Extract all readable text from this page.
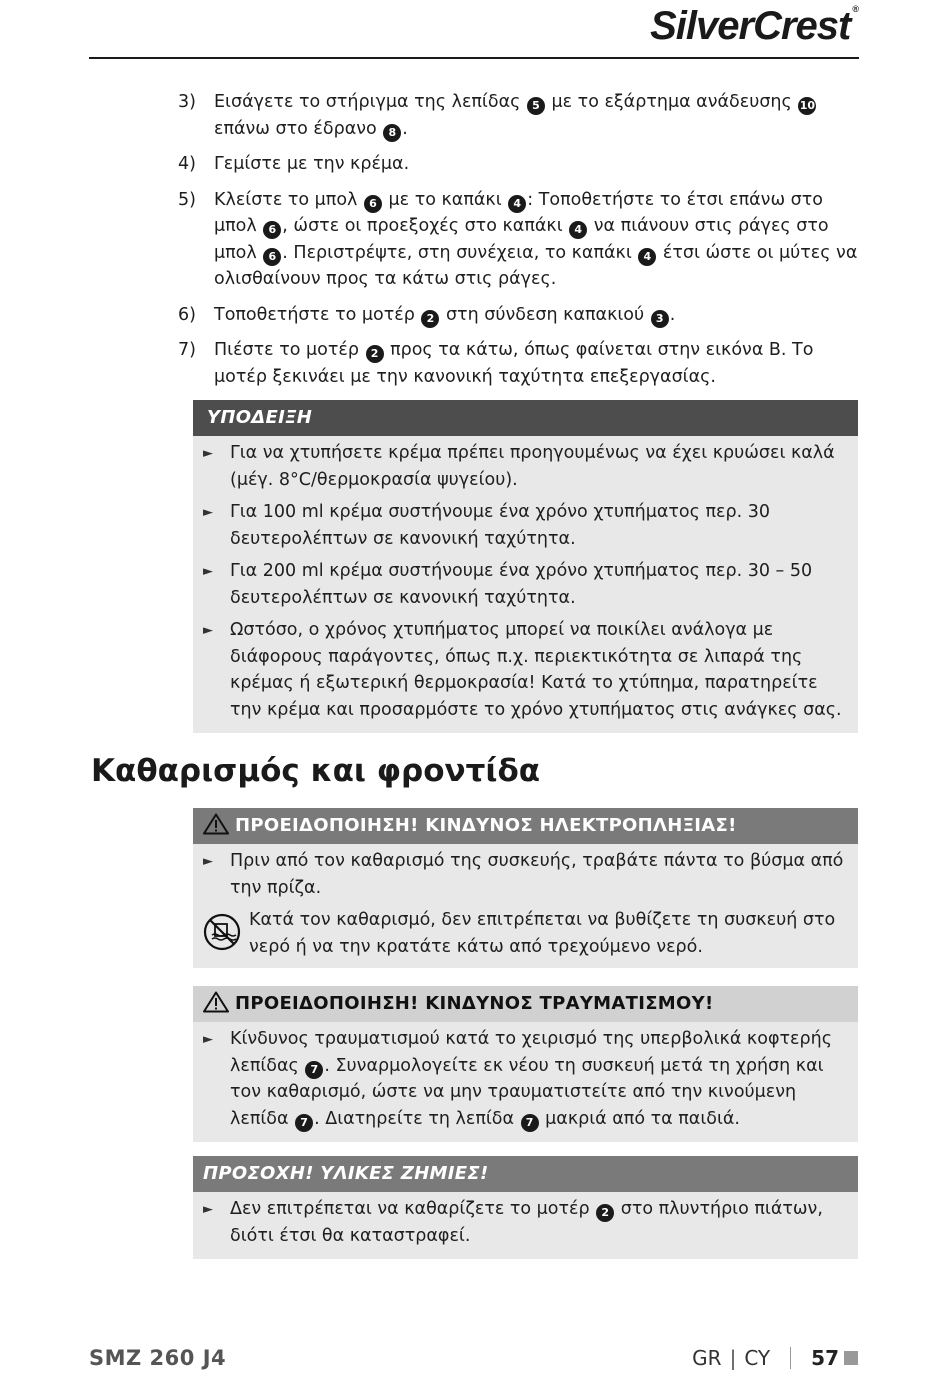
SilverCrest ®
3)	Εισάγετε το στήριγμα της λεπίδας 5 με το εξάρτημα ανάδευσης 10 επάνω στο έδρανο 8 .
4)	Γεμίστε με την κρέμα.
5)	Κλείστε το μπολ 6 με το καπάκι 4 : Τοποθετήστε το έτσι επάνω στο μπολ 6 , ώστε οι προεξοχές στο καπάκι 4 να πιάνουν στις ράγες στο μπολ 6 . Περιστρέψτε, στη συνέχεια, το καπάκι 4 έτσι ώστε οι μύτες να ολισθαίνουν προς τα κάτω στις ράγες.
6)	Τοποθετήστε το μοτέρ 2 στη σύνδεση καπακιού 3 .
7)	Πιέστε το μοτέρ 2 προς τα κάτω, όπως φαίνεται στην εικόνα B. Το μοτέρ ξεκινάει με την κανονική ταχύτητα επεξεργασίας.
ΥΠΟΔΕΙΞΗ
► Για να χτυπήσετε κρέμα πρέπει προηγουμένως να έχει κρυώσει καλά (μέγ. 8°C/θερμοκρασία ψυγείου).
► Για 100 ml κρέμα συστήνουμε ένα χρόνο χτυπήματος περ. 30 δευτερολέπτων σε κανονική ταχύτητα.
► Για 200 ml κρέμα συστήνουμε ένα χρόνο χτυπήματος περ. 30 – 50 δευτερολέπτων σε κανονική ταχύτητα.
► Ωστόσο, ο χρόνος χτυπήματος μπορεί να ποικίλει ανάλογα με διάφορους παράγοντες, όπως π.χ. περιεκτικότητα σε λιπαρά της κρέμας ή εξωτερική θερμοκρασία! Κατά το χτύπημα, παρατηρείτε την κρέμα και προσαρμόστε το χρόνο χτυπήματος στις ανάγκες σας.
Καθαρισμός και φροντίδα
ΠΡΟΕΙΔΟΠΟΙΗΣΗ! ΚΙΝΔΥΝΟΣ ΗΛΕΚΤΡΟΠΛΗΞΙΑΣ!
► Πριν από τον καθαρισμό της συσκευής, τραβάτε πάντα το βύσμα από την πρίζα.
Κατά τον καθαρισμό, δεν επιτρέπεται να βυθίζετε τη συσκευή στο νερό ή να την κρατάτε κάτω από τρεχούμενο νερό.
ΠΡΟΕΙΔΟΠΟΙΗΣΗ! ΚΙΝΔΥΝΟΣ ΤΡΑΥΜΑΤΙΣΜΟΥ!
► Κίνδυνος τραυματισμού κατά το χειρισμό της υπερβολικά κοφτερής λεπίδας 7 . Συναρμολογείτε εκ νέου τη συσκευή μετά τη χρήση και τον καθαρισμό, ώστε να μην τραυματιστείτε από την κινούμενη λεπίδα 7 . Διατηρείτε τη λεπίδα 7 μακριά από τα παιδιά.
ΠΡΟΣΟΧΗ! ΥΛΙΚΕΣ ΖΗΜΙΕΣ!
► Δεν επιτρέπεται να καθαρίζετε το μοτέρ 2 στο πλυντήριο πιάτων, διότι έτσι θα καταστραφεί.
SMZ 260 J4	GR | CY 57
